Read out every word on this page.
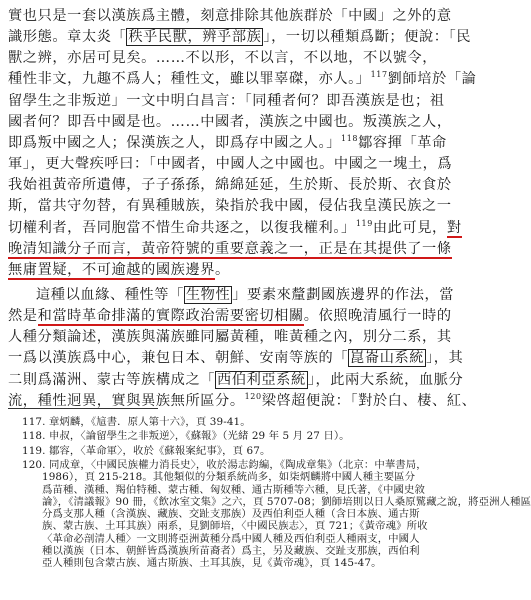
實也只是一套以漢族爲主體，刻意排除其他族群於「中國」之外的意
識形態。章太炎「 秩乎民獸，辨乎部族 」，一切以種類爲斷；便說：「民
獸之辨，亦居可見矣。……不以形，不以言，不以地，不以號令，
種性非文，九趣不爲人；種性文，雖以罪辜磔，亦人。」$^{117}$劉師培於「論
留學生之非叛逆」一文中明白昌言：「同種者何？即吾漢族是也；祖
國者何？即吾中國是也。……中國者，漢族之中國也。叛漢族之人，
即爲叛中國之人；保漢族之人，即爲存中國之人。」$^{118}$鄒容揮「革命
軍」，更大聲疾呼曰：「中國者，中國人之中國也。中國之一塊土，爲
我始祖黃帝所遺傳，子子孫孫，綿綿延延，生於斯、長於斯、衣食於
斯，當共守勿替，有異種賊族，染指於我中國，侵佔我皇漢民族之一
切權利者，吾同胞當不惜生命共逐之，以復我權利。」$^{119}$由此可見，對
晚清知識分子而言，黃帝符號的重要意義之一，正是在其提供了一條
無庸置疑，不可逾越的國族邊界。
這種以血緣、種性等「 生物性 」要素來釐劃國族邊界的作法，當
然是和當時革命排滿的實際政治需要密切相關。依照晚清風行一時的
人種分類論述，漢族與滿族雖同屬黃種，唯黃種之內，別分二系，其
一爲以漢族爲中心，兼包日本、朝鮮、安南等族的「 崑崙山系統 」，其
二則爲滿洲、蒙古等族構成之「 西伯利亞系統 」，此兩大系統，血脈分
流，種性迥異，實與異族無所區分。$^{120}$梁啓超便說：「對於白、棲、紅、
117. 章炳麟，《訄書．原人第十六》，頁 39-41。
118. 申叔，〈論留學生之非叛逆〉，《蘇報》（光緒 29 年 5 月 27 日）。
119. 鄒容，〈革命軍〉，收於《蘇報案紀事》，頁 67。
120. 同成章，〈中國民族權力消長史〉，收於湯志鈞編，《陶成章集》（北京：中華書局，
1986），頁 215-218。其他類似的分類系統尚多，如柒炳麟將中國人種主要區分
爲苗種、漢種、羯伯特種、蒙古種、匈奴種、通古斯種等六種，見氏著，《中國史敘
論》，《清議報》90 冊，《飲冰室文集》之六，頁 5707-08；劉師培則以日人桑原騭藏之說，將亞洲人種區
分爲支那人種（含漢族、藏族、交趾支那族）及西伯利亞人種（含日本族、通古斯
族、蒙古族、土耳其族）兩系，見劉師培，〈中國民族志〉，頁 721；《黃帝魂》所收
〈革命必剖清人種〉一文則將亞洲黃種分爲中國人種及西伯利亞人種兩支，中國人
種以漢族（日本、朝鮮皆爲漢族所苗裔者）爲主，另及藏族、交趾支那族，西伯利
亞人種則包含蒙古族、通古斯族、土耳其族，見《黃帝魂》，頁 145-47。
